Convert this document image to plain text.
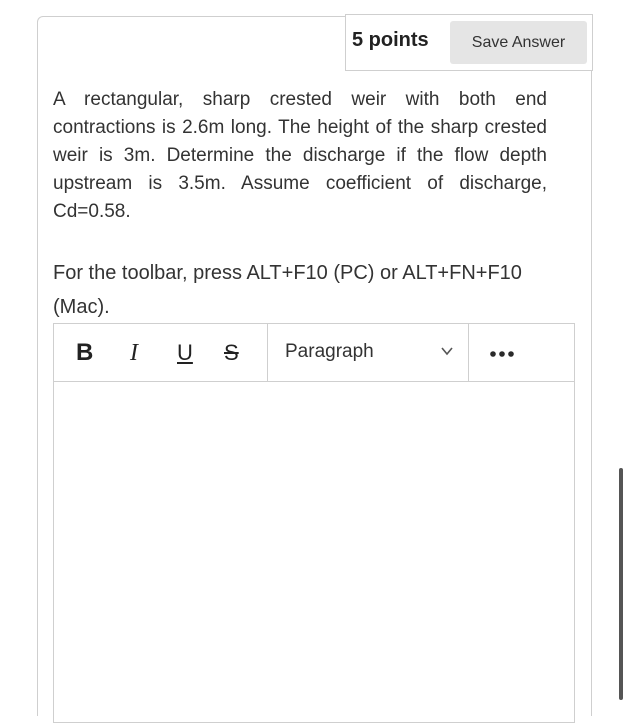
5 points	Save Answer

A rectangular, sharp crested weir with both end contractions is 2.6m long. The height of the sharp crested weir is 3m. Determine the discharge if the flow depth upstream is 3.5m. Assume coefficient of discharge, Cd=0.58.

For the toolbar, press ALT+F10 (PC) or ALT+FN+F10 (Mac).

B I U S Paragraph
